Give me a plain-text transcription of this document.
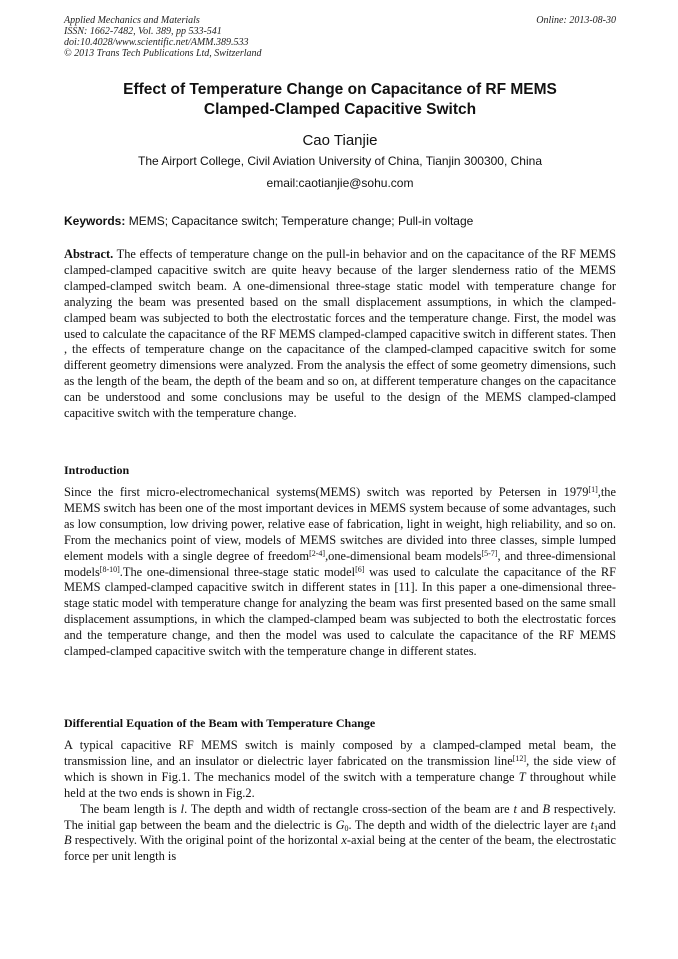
Applied Mechanics and Materials
ISSN: 1662-7482, Vol. 389, pp 533-541
doi:10.4028/www.scientific.net/AMM.389.533
© 2013 Trans Tech Publications Ltd, Switzerland
Online: 2013-08-30
Effect of Temperature Change on Capacitance of RF MEMS
Clamped-Clamped Capacitive Switch
Cao Tianjie
The Airport College, Civil Aviation University of China, Tianjin 300300, China
email:caotianjie@sohu.com
Keywords: MEMS; Capacitance switch; Temperature change; Pull-in voltage
Abstract. The effects of temperature change on the pull-in behavior and on the capacitance of the RF MEMS clamped-clamped capacitive switch are quite heavy because of the larger slenderness ratio of the MEMS clamped-clamped switch beam. A one-dimensional three-stage static model with temperature change for analyzing the beam was presented based on the small displacement assumptions, in which the clamped-clamped beam was subjected to both the electrostatic forces and the temperature change. First, the model was used to calculate the capacitance of the RF MEMS clamped-clamped capacitive switch in different states. Then , the effects of temperature change on the capacitance of the clamped-clamped capacitive switch for some different geometry dimensions were analyzed. From the analysis the effect of some geometry dimensions, such as the length of the beam, the depth of the beam and so on, at different temperature changes on the capacitance can be understood and some conclusions may be useful to the design of the MEMS clamped-clamped capacitive switch with the temperature change.
Introduction
Since the first micro-electromechanical systems(MEMS) switch was reported by Petersen in 1979[1],the MEMS switch has been one of the most important devices in MEMS system because of some advantages, such as low consumption, low driving power, relative ease of fabrication, light in weight, high reliability, and so on. From the mechanics point of view, models of MEMS switches are divided into three classes, simple lumped element models with a single degree of freedom[2-4],one-dimensional beam models[5-7], and three-dimensional models[8-10].The one-dimensional three-stage static model[6] was used to calculate the capacitance of the RF MEMS clamped-clamped capacitive switch in different states in [11]. In this paper a one-dimensional three-stage static model with temperature change for analyzing the beam was first presented based on the same small displacement assumptions, in which the clamped-clamped beam was subjected to both the electrostatic forces and the temperature change, and then the model was used to calculate the capacitance of the RF MEMS clamped-clamped capacitive switch with the temperature change in different states.
Differential Equation of the Beam with Temperature Change

A typical capacitive RF MEMS switch is mainly composed by a clamped-clamped metal beam, the transmission line, and an insulator or dielectric layer fabricated on the transmission line[12], the side view of which is shown in Fig.1. The mechanics model of the switch with a temperature change T throughout while held at the two ends is shown in Fig.2.

The beam length is l. The depth and width of rectangle cross-section of the beam are t and B respectively. The initial gap between the beam and the dielectric is $G_0$. The depth and width of the dielectric layer are $t_1and$ B respectively. With the original point of the horizontal x-axial being at the center of the beam, the electrostatic force per unit length is
